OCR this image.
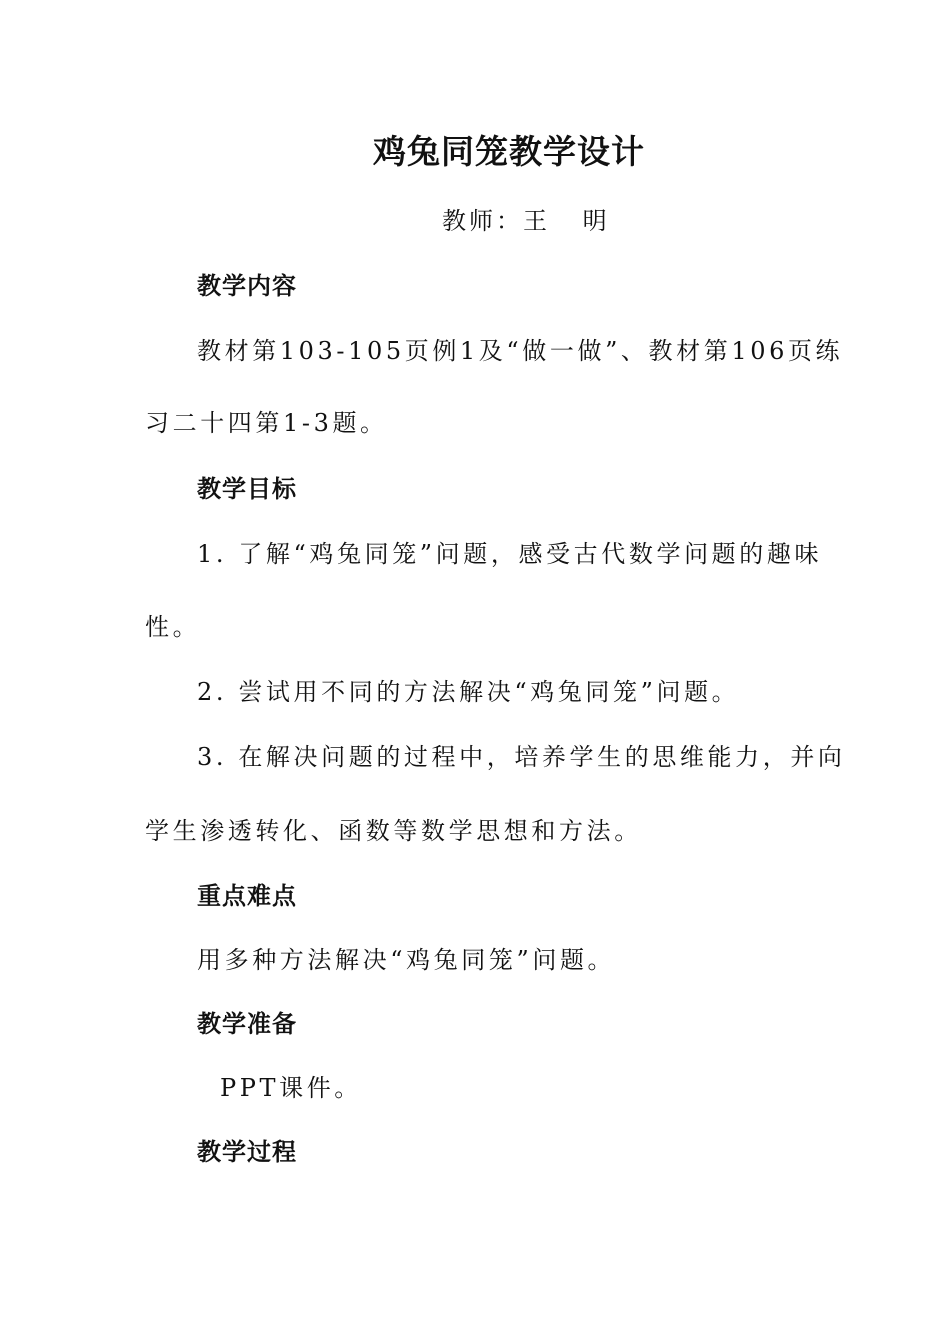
鸡兔同笼教学设计
教师：王 明
教学内容
教材第103-105页例1及“做一做”、教材第106页练
习二十四第1-3题。
教学目标
1. 了解“鸡兔同笼”问题，感受古代数学问题的趣味
性。
2. 尝试用不同的方法解决“鸡兔同笼”问题。
3. 在解决问题的过程中，培养学生的思维能力，并向
学生渗透转化、函数等数学思想和方法。
重点难点
用多种方法解决“鸡兔同笼”问题。
教学准备
PPT课件。
教学过程
